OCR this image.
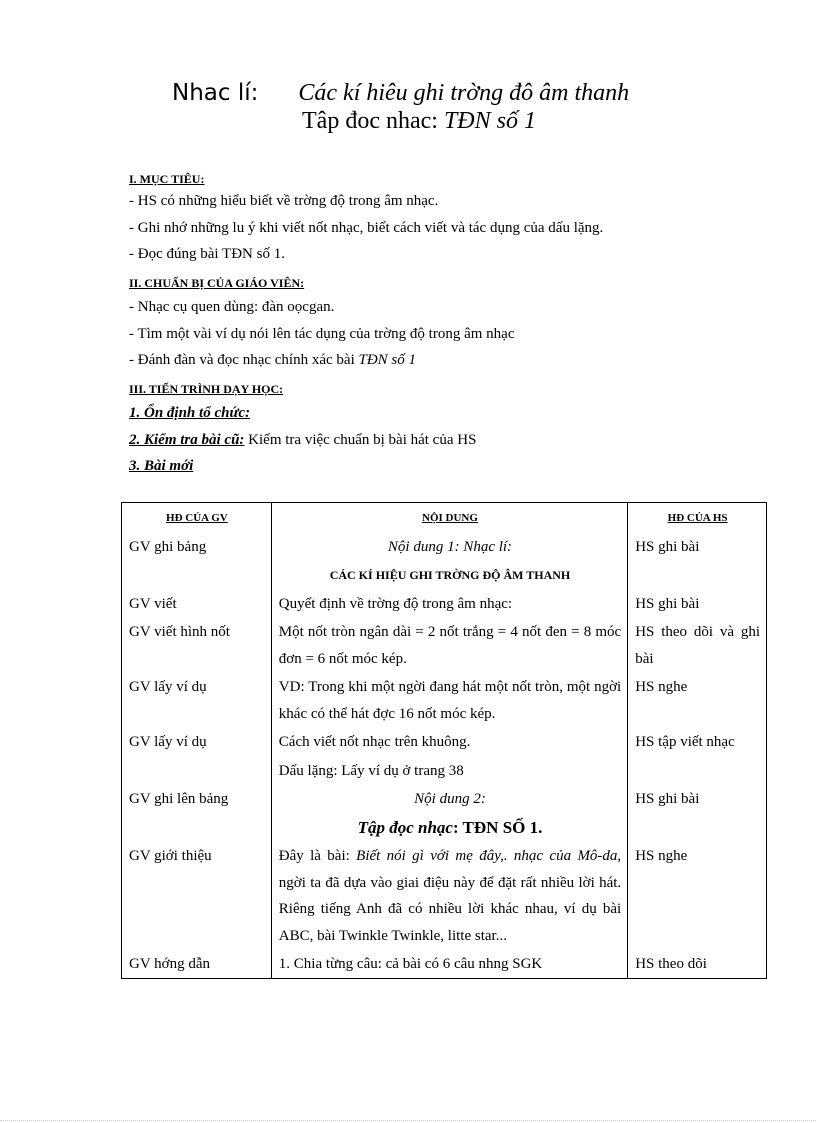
Nhac lí: Các kí hiêu ghi trờng đô âm thanh
Tâp đoc nhac: TĐN số 1
I. MỤC TIÊU:
- HS có những hiểu biết về trờng độ trong âm nhạc.
- Ghi nhớ những lu ý khi viết nốt nhạc, biết cách viết và tác dụng của dấu lặng.
- Đọc đúng bài TĐN số 1.
II. CHUẨN BỊ CỦA GIÁO VIÊN:
- Nhạc cụ quen dùng: đàn oọcgan.
- Tìm một vài ví dụ nói lên tác dụng của trờng độ trong âm nhạc
- Đánh đàn và đọc nhạc chính xác bài TĐN số 1
III. TIẾN TRÌNH DẠY HỌC:
1. Ổn định tổ chức:
2. Kiểm tra bài cũ: Kiểm tra việc chuẩn bị bài hát của HS
3. Bài mới
HĐ CỦA GV	NỘI DUNG	HĐ CỦA HS
GV ghi bảng	Nội dung 1: Nhạc lí:	HS ghi bài
	CÁC KÍ HIỆU GHI TRỜNG ĐỘ ÂM THANH	
GV viết	Quyết định về trờng độ trong âm nhạc:	HS ghi bài
GV viết hình nốt	Một nốt tròn ngân dài = 2 nốt trắng = 4 nốt đen = 8 móc đơn = 6 nốt móc kép.	HS theo dõi và ghi bài
GV lấy ví dụ	VD: Trong khi một ngời đang hát một nốt tròn, một ngời khác có thể hát đợc 16 nốt móc kép.	HS nghe
GV lấy ví dụ	Cách viết nốt nhạc trên khuông.	HS tập viết nhạc
	Dấu lặng: Lấy ví dụ ở trang 38	
GV ghi lên bảng	Nội dung 2:	HS ghi bài
	Tập đọc nhạc: TĐN SỐ 1.	
GV giới thiệu	Đây là bài: Biết nói gì với mẹ đây,. nhạc của Mô-da, ngời ta đã dựa vào giai điệu này để đặt rất nhiều lời hát. Riêng tiếng Anh đã có nhiều lời khác nhau, ví dụ bài ABC, bài Twinkle Twinkle, litte star...	HS nghe
GV hớng dẫn	1. Chia từng câu: cả bài có 6 câu nhng SGK	HS theo dõi
